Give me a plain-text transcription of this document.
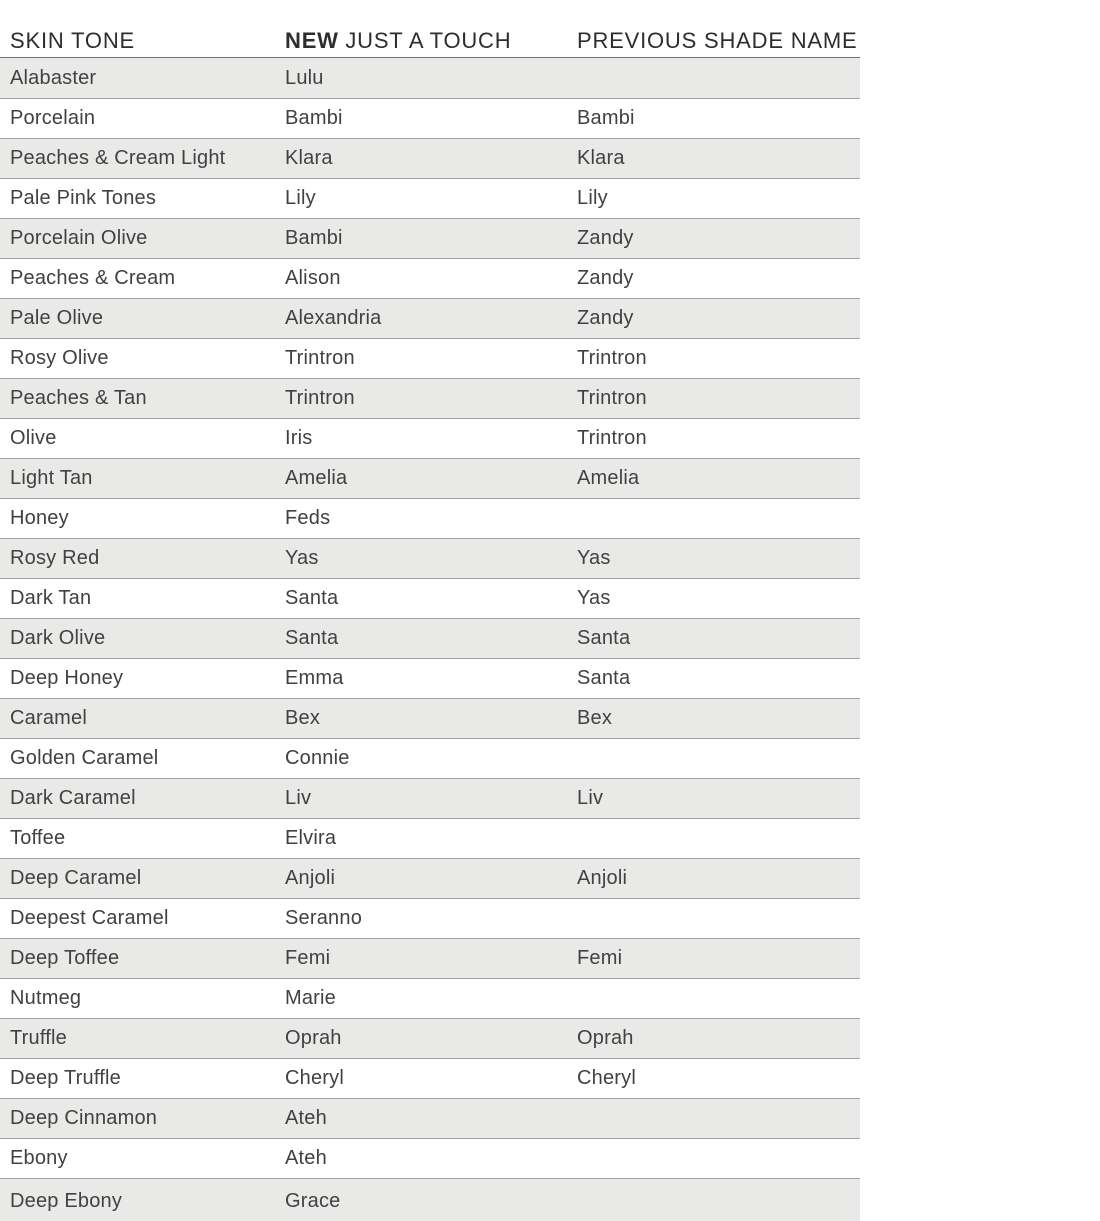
SKIN TONE	NEW JUST A TOUCH	PREVIOUS SHADE NAME
Alabaster	Lulu
Porcelain	Bambi	Bambi
Peaches & Cream Light	Klara	Klara
Pale Pink Tones	Lily	Lily
Porcelain Olive	Bambi	Zandy
Peaches & Cream	Alison	Zandy
Pale Olive	Alexandria	Zandy
Rosy Olive	Trintron	Trintron
Peaches & Tan	Trintron	Trintron
Olive	Iris	Trintron
Light Tan	Amelia	Amelia
Honey	Feds
Rosy Red	Yas	Yas
Dark Tan	Santa	Yas
Dark Olive	Santa	Santa
Deep Honey	Emma	Santa
Caramel	Bex	Bex
Golden Caramel	Connie
Dark Caramel	Liv	Liv
Toffee	Elvira
Deep Caramel	Anjoli	Anjoli
Deepest Caramel	Seranno
Deep Toffee	Femi	Femi
Nutmeg	Marie
Truffle	Oprah	Oprah
Deep Truffle	Cheryl	Cheryl
Deep Cinnamon	Ateh
Ebony	Ateh
Deep Ebony	Grace
